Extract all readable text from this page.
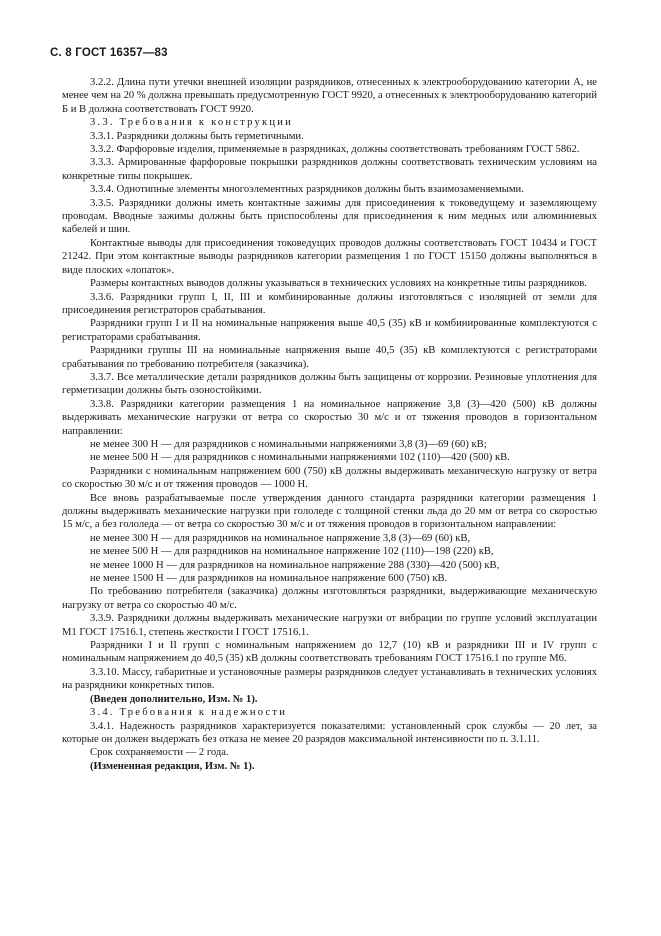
С. 8 ГОСТ 16357—83

3.2.2. Длина пути утечки внешней изоляции разрядников, отнесенных к электрооборудованию категории А, не менее чем на 20 % должна превышать предусмотренную ГОСТ 9920, а отнесенных к электрооборудованию категорий Б и В должна соответствовать ГОСТ 9920.

3.3. Требования к конструкции

3.3.1. Разрядники должны быть герметичными.

3.3.2. Фарфоровые изделия, применяемые в разрядниках, должны соответствовать требованиям ГОСТ 5862.

3.3.3. Армированные фарфоровые покрышки разрядников должны соответствовать техническим условиям на конкретные типы покрышек.

3.3.4. Однотипные элементы многоэлементных разрядников должны быть взаимозаменяемыми.

3.3.5. Разрядники должны иметь контактные зажимы для присоединения к токоведущему и заземляющему проводам. Вводные зажимы должны быть приспособлены для присоединения к ним медных или алюминиевых кабелей и шин.

Контактные выводы для присоединения токоведущих проводов должны соответствовать ГОСТ 10434 и ГОСТ 21242. При этом контактные выводы разрядников категории размещения 1 по ГОСТ 15150 должны выполняться в виде плоских «лопаток».

Размеры контактных выводов должны указываться в технических условиях на конкретные типы разрядников.

3.3.6. Разрядники групп I, II, III и комбинированные должны изготовляться с изоляцией от земли для присоединения регистраторов срабатывания.

Разрядники групп I и II на номинальные напряжения выше 40,5 (35) кВ и комбинированные комплектуются с регистраторами срабатывания.

Разрядники группы III на номинальные напряжения выше 40,5 (35) кВ комплектуются с регистраторами срабатывания по требованию потребителя (заказчика).

3.3.7. Все металлические детали разрядников должны быть защищены от коррозии. Резиновые уплотнения для герметизации должны быть озоностойкими.

3.3.8. Разрядники категории размещения 1 на номинальное напряжение 3,8 (3)—420 (500) кВ должны выдерживать механические нагрузки от ветра со скоростью 30 м/с и от тяжения проводов в горизонтальном направлении:

не менее 300 Н — для разрядников с номинальными напряжениями 3,8 (3)—69 (60) кВ;

не менее 500 Н — для разрядников с номинальными напряжениями 102 (110)—420 (500) кВ.

Разрядники с номинальным напряжением 600 (750) кВ должны выдерживать механическую нагрузку от ветра со скоростью 30 м/с и от тяжения проводов — 1000 Н.

Все вновь разрабатываемые после утверждения данного стандарта разрядники категории размещения 1 должны выдерживать механические нагрузки при гололеде с толщиной стенки льда до 20 мм от ветра со скоростью 15 м/с, а без гололеда — от ветра со скоростью 30 м/с и от тяжения проводов в горизонтальном направлении:

не менее 300 Н — для разрядников на номинальное напряжение 3,8 (3)—69 (60) кВ,

не менее 500 Н — для разрядников на номинальное напряжение 102 (110)—198 (220) кВ,

не менее 1000 Н — для разрядников на номинальное напряжение 288 (330)—420 (500) кВ,

не менее 1500 Н — для разрядников на номинальное напряжение 600 (750) кВ.

По требованию потребителя (заказчика) должны изготовляться разрядники, выдерживающие механическую нагрузку от ветра со скоростью 40 м/с.

3.3.9. Разрядники должны выдерживать механические нагрузки от вибрации по группе условий эксплуатации М1 ГОСТ 17516.1, степень жесткости I ГОСТ 17516.1.

Разрядники I и II групп с номинальным напряжением до 12,7 (10) кВ и разрядники III и IV групп с номинальным напряжением до 40,5 (35) кВ должны соответствовать требованиям ГОСТ 17516.1 по группе М6.

3.3.10. Массу, габаритные и установочные размеры разрядников следует устанавливать в технических условиях на разрядники конкретных типов.

(Введен дополнительно, Изм. № 1).

3.4. Требования к надежности

3.4.1. Надежность разрядников характеризуется показателями: установленный срок службы — 20 лет, за которые он должен выдержать без отказа не менее 20 разрядов максимальной интенсивности по п. 3.1.11.

Срок сохраняемости — 2 года.

(Измененная редакция, Изм. № 1).
